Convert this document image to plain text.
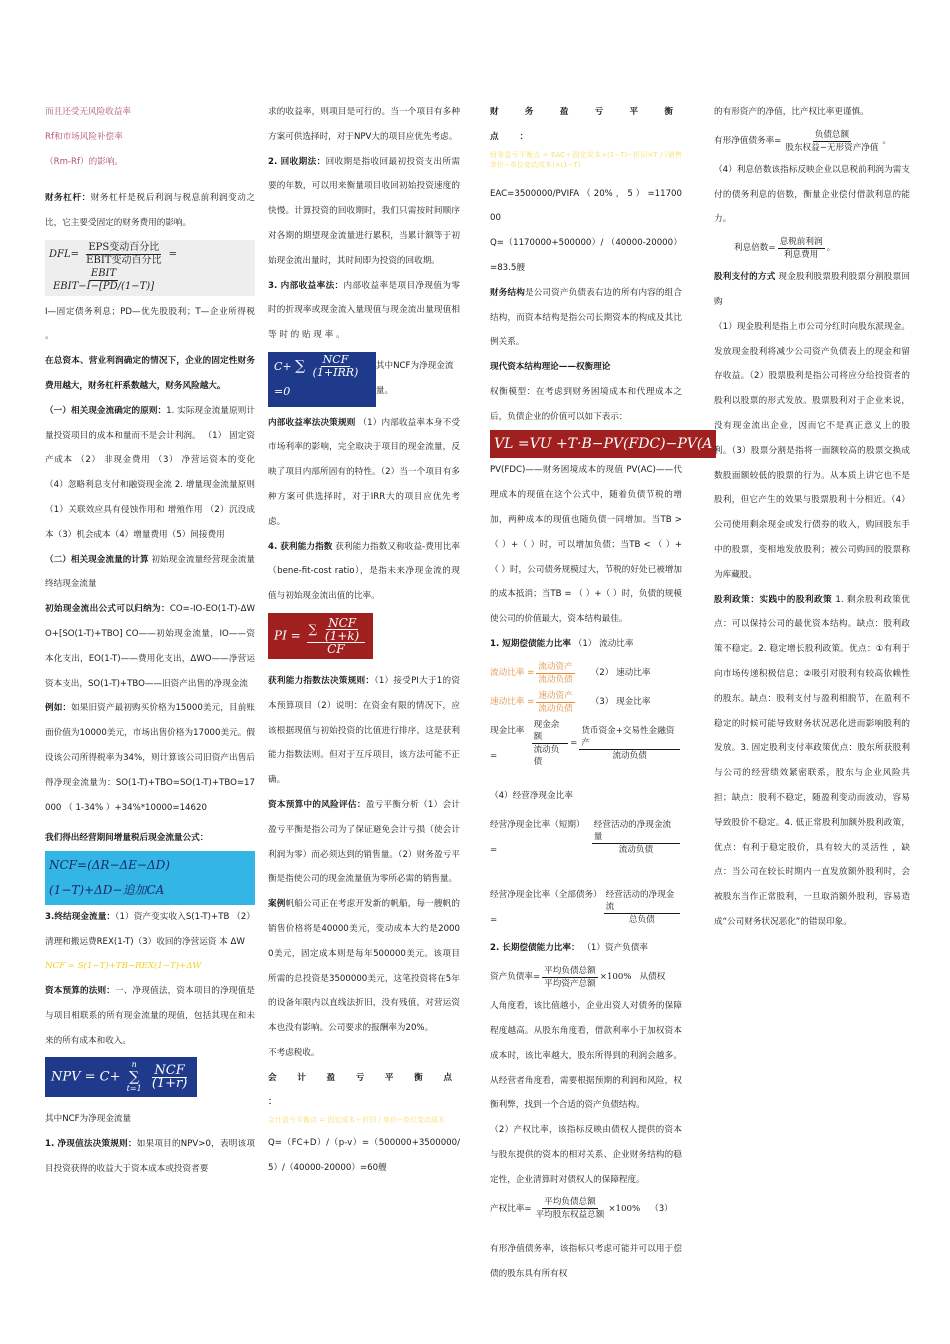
而且还受无风险收益率

Rf和市场风险补偿率

（Rm-Rf）的影响。

财务杠杆：财务杠杆是税后利润与税息前利润变动之比，它主要受固定的财务费用的影响。

$DFL= \frac{\text{EPS变动百分比}}{\text{EBIT变动百分比}}$ =
$\frac{\text{EBIT}}{\text{EBIT−I−[PD/(1−T)]}}$

I—固定债务利息；PD—优先股股利；T—企业所得税 。

在总资本、营业利润确定的情况下，企业的固定性财务费用越大，财务杠杆系数越大，财务风险越大。

（一）相关现金流确定的原则：1. 实际现金流量原则计量投资项目的成本和量而不是会计利润。 （1） 固定资产成本 （2） 非现金费用 （3） 净营运资本的变化 （4）忽略利息支付和融资现金流 2. 增量现金流量原则 （1）关联效应具有侵蚀作用和 增殖作用 （2）沉没成本（3）机会成本（4）增量费用（5）间接费用

（二）相关现金流量的计算 初始现金流量经营现金流量终结现金流量

初始现金流出公式可以归纳为：CO=-IO-EO(1-T)-ΔWO+[SO(1-T)+TBO] CO——初始现金流量，IO——资本化支出，EO(1-T)——费用化支出，ΔWO——净营运资本支出，SO(1-T)+TBO——旧资产出售的净现金流

例如：如果旧资产最初购买价格为15000美元，目前账面价值为10000美元，市场出售价格为17000美元。假设该公司所得税率为34%，则计算该公司旧资产出售后得净现金流量为：SO(1-T)+TBO=SO(1-T)+TBO=17000 （ 1-34% ）+34%*10000=14620

我们得出经营期间增量税后现金流量公式：

NCF=(ΔR−ΔE−ΔD)(1−T)+ΔD−追加CA

3.终结现金流量：（1）资产变实收入S(1-T)+TB （2）清理和搬运费REX(1-T)（3）收回的净营运资 本 ΔW

NCF = S(1−T)+TB−REX(1−T)+ΔW

资本预算的法则：一、净现值法，资本项目的净现值是与项目相联系的所有现金流量的现值，包括其现在和未来的所有成本和收入。

NPV = C+
n
∑
t=1
$\frac{\text{NCF}}{(1+r)}$

其中NCF为净现金流量

1. 净现值法决策规则：如果项目的NPV>0，表明该项目投资获得的收益大于资本成本或投资者要

求的收益率，则项目是可行的。当一个项目有多种方案可供选择时，对于NPV大的项目应优先考虑。

2. 回收期法：回收期是指收回最初投资支出所需要的年数，可以用来衡量项目收回初始投资速度的快慢。计算投资的回收期时，我们只需按时间顺序对各期的期望现金流量进行累积，当累计额等于初始现金流出量时，其时间即为投资的回收期。

3. 内部收益率法：内部收益率是项目净现值为零时的折现率或现金流入量现值与现金流出量现值相 等 时 的 贴 现 率 。

C+ ∑ $\frac{\text{NCF}}{\text{(1+IRR)}}$
=0
其中NCF为净现金流量。

内部收益率法决策规则 （1）内部收益率本身不受市场利率的影响，完全取决于项目的现金流量，反映了项目内部所固有的特性。（2）当一个项目有多种方案可供选择时，对于IRR大的项目应优先考虑。

4. 获利能力指数 获利能力指数又称收益-费用比率（bene-fit-cost ratio），是指未来净现金流的现值与初始现金流出值的比率。

PI = $\frac{\sum \frac{\text{NCF}}{(1+k)}}{CF}$

获利能力指数法决策规则：（1）接受PI大于1的资本预算项目（2）说明：在资金有限的情况下，应该根据现值与初始投资的比值进行排序，这是获利能力指数法则。但对于互斥项目，该方法可能不正确。

资本预算中的风险评估：盈亏平衡分析（1）会计盈亏平衡是指公司为了保证避免会计亏损（使会计利润为零）而必须达到的销售量。（2）财务盈亏平衡是指使公司的现金流量值为零所必需的销售量。

案例帆船公司正在考虑开发新的帆船，每一艘帆的销售价格将是40000美元，变动成本大约是20000美元，固定成本则是每年500000美元。该项目所需的总投资是3500000美元，这笔投资将在5年的设备年限内以直线法折旧，没有残值，对营运资本也没有影响。公司要求的报酬率为20%。

不考虑税收。

会 计 盈 亏 平 衡 点 ：

会计盈亏平衡点 = 固定成本＋折旧 / 单价−单位变动成本

Q=（FC+D）/（p-v）=（500000+3500000/5）/（40000-20000）=60艘

财 务 盈 亏 平 衡 点 ：

财务盈亏平衡点 = EAC＋固定成本×(1−T)−折旧×T / (销售单价−单位变动成本)×(1−T)

EAC=3500000/PVIFA （ 20% ， 5 ） =1170000

Q=（1170000+500000）/ （40000-20000） =83.5艘

财务结构是公司资产负债表右边的所有内容的组合结构，而资本结构是指公司长期资本的构成及其比例关系。

现代资本结构理论——权衡理论

权衡模型：在考虑到财务困境成本和代理成本之后，负债企业的价值可以如下表示：

VL =VU +T·B−PV(FDC)−PV(A

PV(FDC)——财务困境成本的现值 PV(AC)——代理成本的现值在这个公式中，随着负债节税的增加，两种成本的现值也随负债一同增加。当TB > （ ）+（ ）时，可以增加负债；当TB < （ ）+（ ）时，公司债务规模过大，节税的好处已被增加的成本抵消；当TB = （ ）+（ ）时，负债的规模使公司的价值最大，资本结构最佳。

1. 短期偿债能力比率 （1） 流动比率

流动比率 = $\frac{\text{流动资产}}{\text{流动负债}} (2)$ 速动比率
速动比率 = $\frac{\text{速动资产}}{\text{流动负债}} (3)$ 现金比率
现金比率=	$\frac{\text{现金余额}}{\text{流动负债}} = \frac{\text{货币资金+交易性金融资产}}{\text{流动负债}}$

（4）经营净现金比率

经营净现金比率（短期）=	$\frac{\text{经营活动的净现金流量}}{\text{流动负债}}$
经营净现金比率（全部债务）=	$\frac{\text{经营活动的净现金流}}{\text{总负债}}$

2. 长期偿债能力比率： （1）资产负债率

资产负债率= $\frac{\text{平均负债总额}}{\text{平均资产总额}} \times 100\%$ 从债权

人角度看，该比值越小，企业出资人对债务的保障程度越高。从股东角度看，借款利率小于加权资本成本时，该比率越大，股东所得到的利润会越多。从经营者角度看，需要根据预期的利润和风险，权衡利弊，找到一个合适的资产负债结构。

（2）产权比率，该指标反映由债权人提供的资本与股东提供的资本的相对关系、企业财务结构的稳定性，企业清算时对债权人的保障程度。

产权比率= $\frac{\text{平均负债总额}}{\text{平均股东权益总额}} \times 100\%$ （3）

有形净值债务率，该指标只考虑可能并可以用于偿债的股东具有所有权

的有形资产的净值，比产权比率更谨慎。

有形净值债务率= $\frac{\text{负债总额}}{\text{股东权益−无形资产净值}}$ 。

（4）利息倍数该指标反映企业以息税前利润为需支付的债务利息的倍数，衡量企业偿付借款利息的能力。

利息倍数= $\frac{\text{息税前利润}}{\text{利息费用}}$ 。

股利支付的方式 现金股利股票股利股票分割股票回购

（1）现金股利是指上市公司分红时向股东派现金。发放现金股利将减少公司资产负债表上的现金和留存收益。（2）股票股利是指公司将应分给投资者的股利以股票的形式发放。股票股利对于企业来说，没有现金流出企业，因而它不是真正意义上的股利。（3）股票分割是指将一面额较高的股票交换成数股面额较低的股票的行为。从本质上讲它也不是股利，但它产生的效果与股票股利十分相近。（4）公司使用剩余现金或发行债券的收入，购回股东手中的股票，变相地发放股利；被公司购回的股票称为库藏股。

股利政策：实践中的股利政策 1. 剩余股利政策优点：可以保持公司的最优资本结构。缺点：股利政策不稳定。2. 稳定增长股利政策。优点：①有利于向市场传递积极信息；②吸引对股利有较高依赖性的股东。缺点：股利支付与盈利相脱节，在盈利不稳定的时候可能导致财务状况恶化进而影响股利的发放。3. 固定股利支付率政策优点：股东所获股利与公司的经营绩效紧密联系，股东与企业风险共担；缺点：股利不稳定，随盈利变动而波动，容易导致股价不稳定。4. 低正常股利加额外股利政策，优点：有利于稳定股价，具有较大的灵活性 ，缺点：当公司在较长时期内一直发放额外股利时，会被股东当作正常股利，一旦取消额外股利，容易造成“公司财务状况恶化”的错误印象。
